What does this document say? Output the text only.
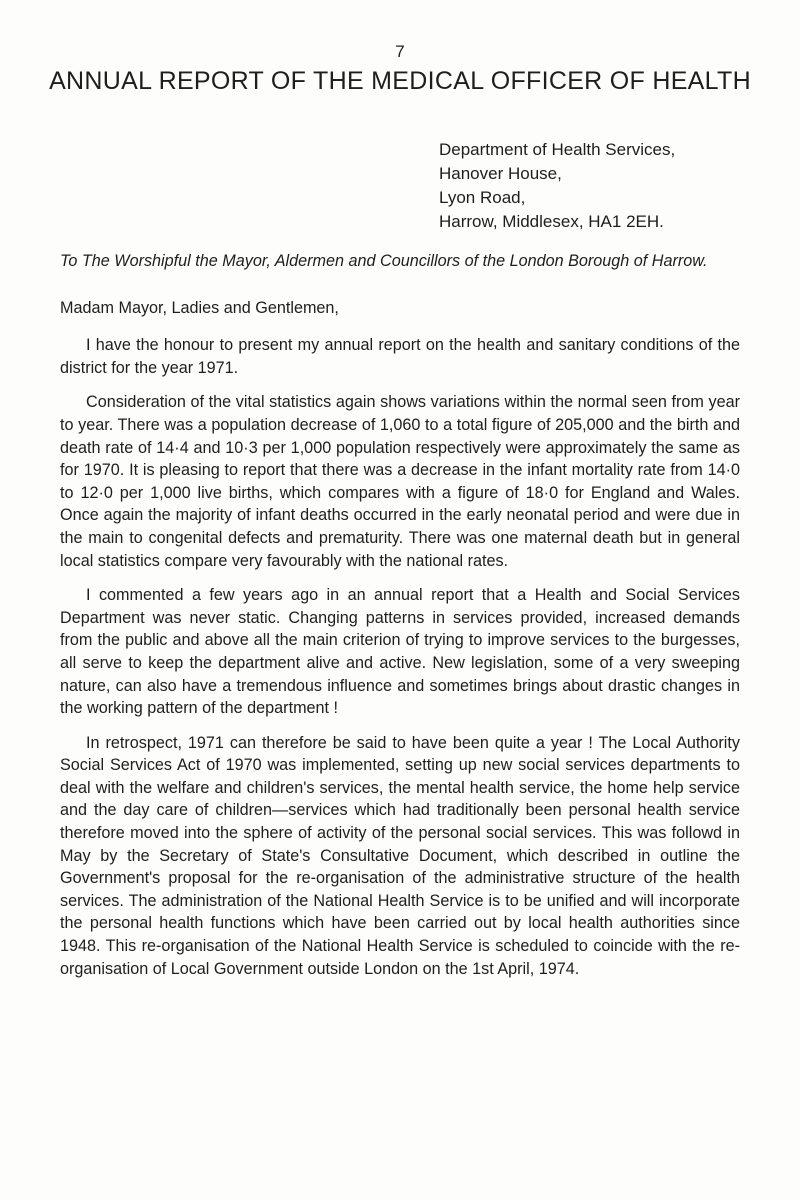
7
ANNUAL REPORT OF THE MEDICAL OFFICER OF HEALTH
Department of Health Services,
Hanover House,
Lyon Road,
Harrow, Middlesex, HA1 2EH.

To The Worshipful the Mayor, Aldermen and Councillors of the London Borough of Harrow.

Madam Mayor, Ladies and Gentlemen,

I have the honour to present my annual report on the health and sanitary conditions of the district for the year 1971.

Consideration of the vital statistics again shows variations within the normal seen from year to year. There was a population decrease of 1,060 to a total figure of 205,000 and the birth and death rate of 14·4 and 10·3 per 1,000 population respectively were approximately the same as for 1970. It is pleasing to report that there was a decrease in the infant mortality rate from 14·0 to 12·0 per 1,000 live births, which compares with a figure of 18·0 for England and Wales. Once again the majority of infant deaths occurred in the early neonatal period and were due in the main to congenital defects and prematurity. There was one maternal death but in general local statistics compare very favourably with the national rates.

I commented a few years ago in an annual report that a Health and Social Services Department was never static. Changing patterns in services provided, increased demands from the public and above all the main criterion of trying to improve services to the burgesses, all serve to keep the department alive and active. New legislation, some of a very sweeping nature, can also have a tremendous influence and sometimes brings about drastic changes in the working pattern of the department !

In retrospect, 1971 can therefore be said to have been quite a year ! The Local Authority Social Services Act of 1970 was implemented, setting up new social services departments to deal with the welfare and children's services, the mental health service, the home help service and the day care of children—services which had traditionally been personal health service therefore moved into the sphere of activity of the personal social services. This was followd in May by the Secretary of State's Consultative Document, which described in outline the Government's proposal for the re-organisation of the administrative structure of the health services. The administration of the National Health Service is to be unified and will incorporate the personal health functions which have been carried out by local health authorities since 1948. This re-organisation of the National Health Service is scheduled to coincide with the re-organisation of Local Government outside London on the 1st April, 1974.
